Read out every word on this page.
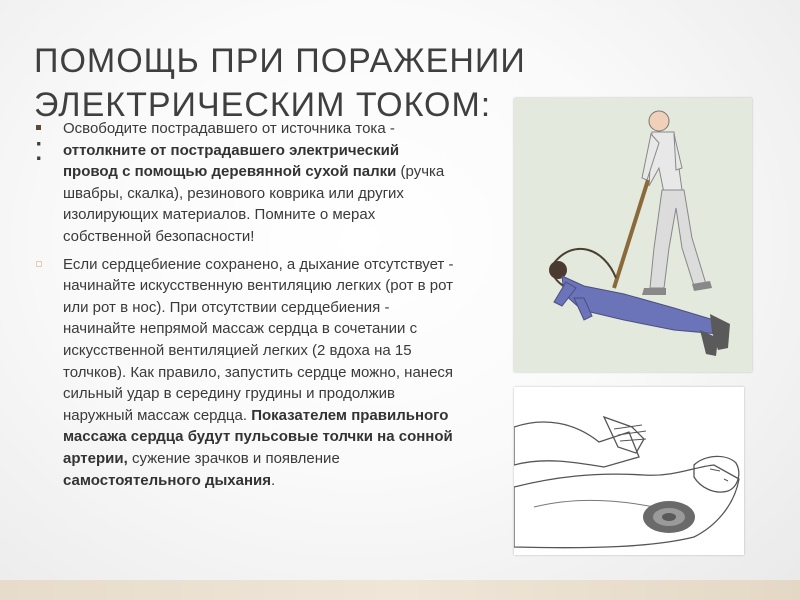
ПОМОЩЬ ПРИ ПОРАЖЕНИИ
ЭЛЕКТРИЧЕСКИМ ТОКОМ:
:

Освободите пострадавшего от источника тока - оттолкните от пострадавшего электрический провод с помощью деревянной сухой палки (ручка швабры, скалка), резинового коврика или других изолирующих материалов. Помните о мерах собственной безопасности!

Если сердцебиение сохранено, а дыхание отсутствует - начинайте искусственную вентиляцию легких (рот в рот или рот в нос). При отсутствии сердцебиения - начинайте непрямой массаж сердца в сочетании с искусственной вентиляцией легких (2 вдоха на 15 толчков). Как правило, запустить сердце можно, нанеся сильный удар в середину грудины и продолжив наружный массаж сердца. Показателем правильного массажа сердца будут пульсовые толчки на сонной артерии, сужение зрачков и появление самостоятельного дыхания.
